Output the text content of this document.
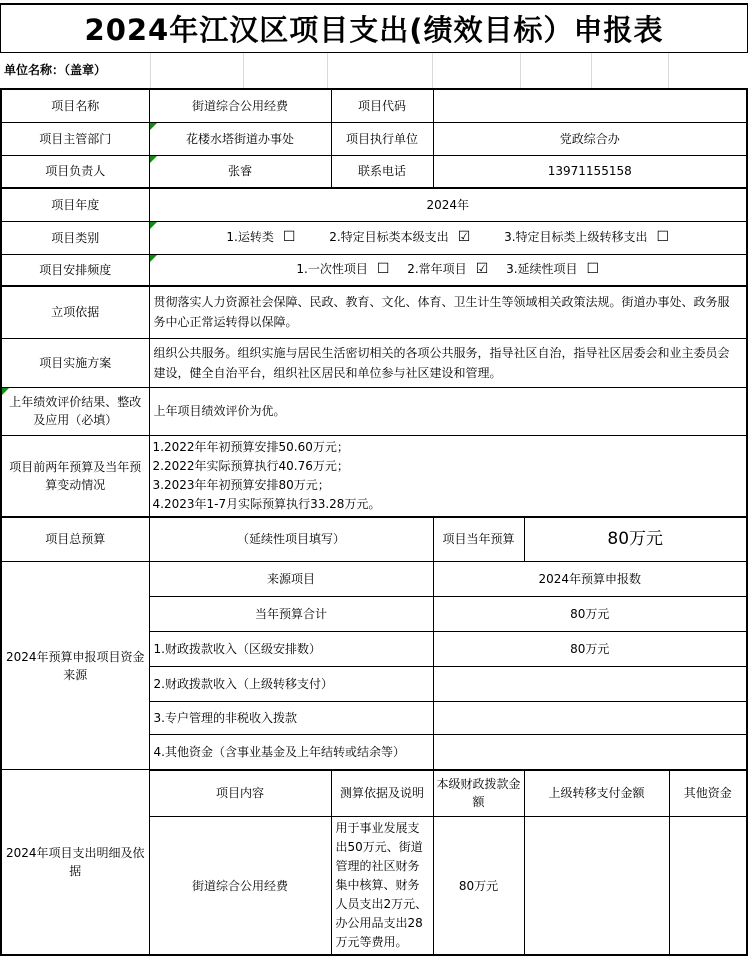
2024年江汉区项目支出(绩效目标）申报表
单位名称：（盖章）
项目名称	街道综合公用经费	项目代码			
项目主管部门	花楼水塔街道办事处	项目执行单位	党政综合办		
项目负责人	张睿	联系电话	13971155158		
项目年度	2024年				
项目类别	1.运转类 ☐ 2.特定目标类本级支出 ☑ 3.特定目标类上级转移支出 ☐				
项目安排频度	1.一次性项目 ☐ 2.常年项目 ☑ 3.延续性项目 ☐				
立项依据	贯彻落实人力资源社会保障、民政、教育、文化、体育、卫生计生等领域相关政策法规。街道办事处、政务服务中心正常运转得以保障。				
项目实施方案	组织公共服务。组织实施与居民生活密切相关的各项公共服务，指导社区自治，指导社区居委会和业主委员会建设，健全自治平台，组织社区居民和单位参与社区建设和管理。				

上年绩效评价结果、整改及应用（必填）	上年项目绩效评价为优。				
项目前两年预算及当年预算变动情况	1.2022年年初预算安排50.60万元；
2.2022年实际预算执行40.76万元；
3.2023年年初预算安排80万元；
4.2023年1-7月实际预算执行33.28万元。				

项目总预算	（延续性项目填写）		项目当年预算	80万元	
2024年预算申报项目资金来源	来源项目		2024年预算申报数		
	当年预算合计		80万元		
	1.财政拨款收入（区级安排数）		80万元		
	2.财政拨款收入（上级转移支付）				
	3.专户管理的非税收入拨款				
	4.其他资金（含事业基金及上年结转或结余等）				
2024年项目支出明细及依据	项目内容	测算依据及说明	本级财政拨款金额	上级转移支付金额	其他资金
	街道综合公用经费	用于事业发展支出50万元、街道管理的社区财务集中核算、财务人员支出2万元、办公用品支出28万元等费用。	80万元		
